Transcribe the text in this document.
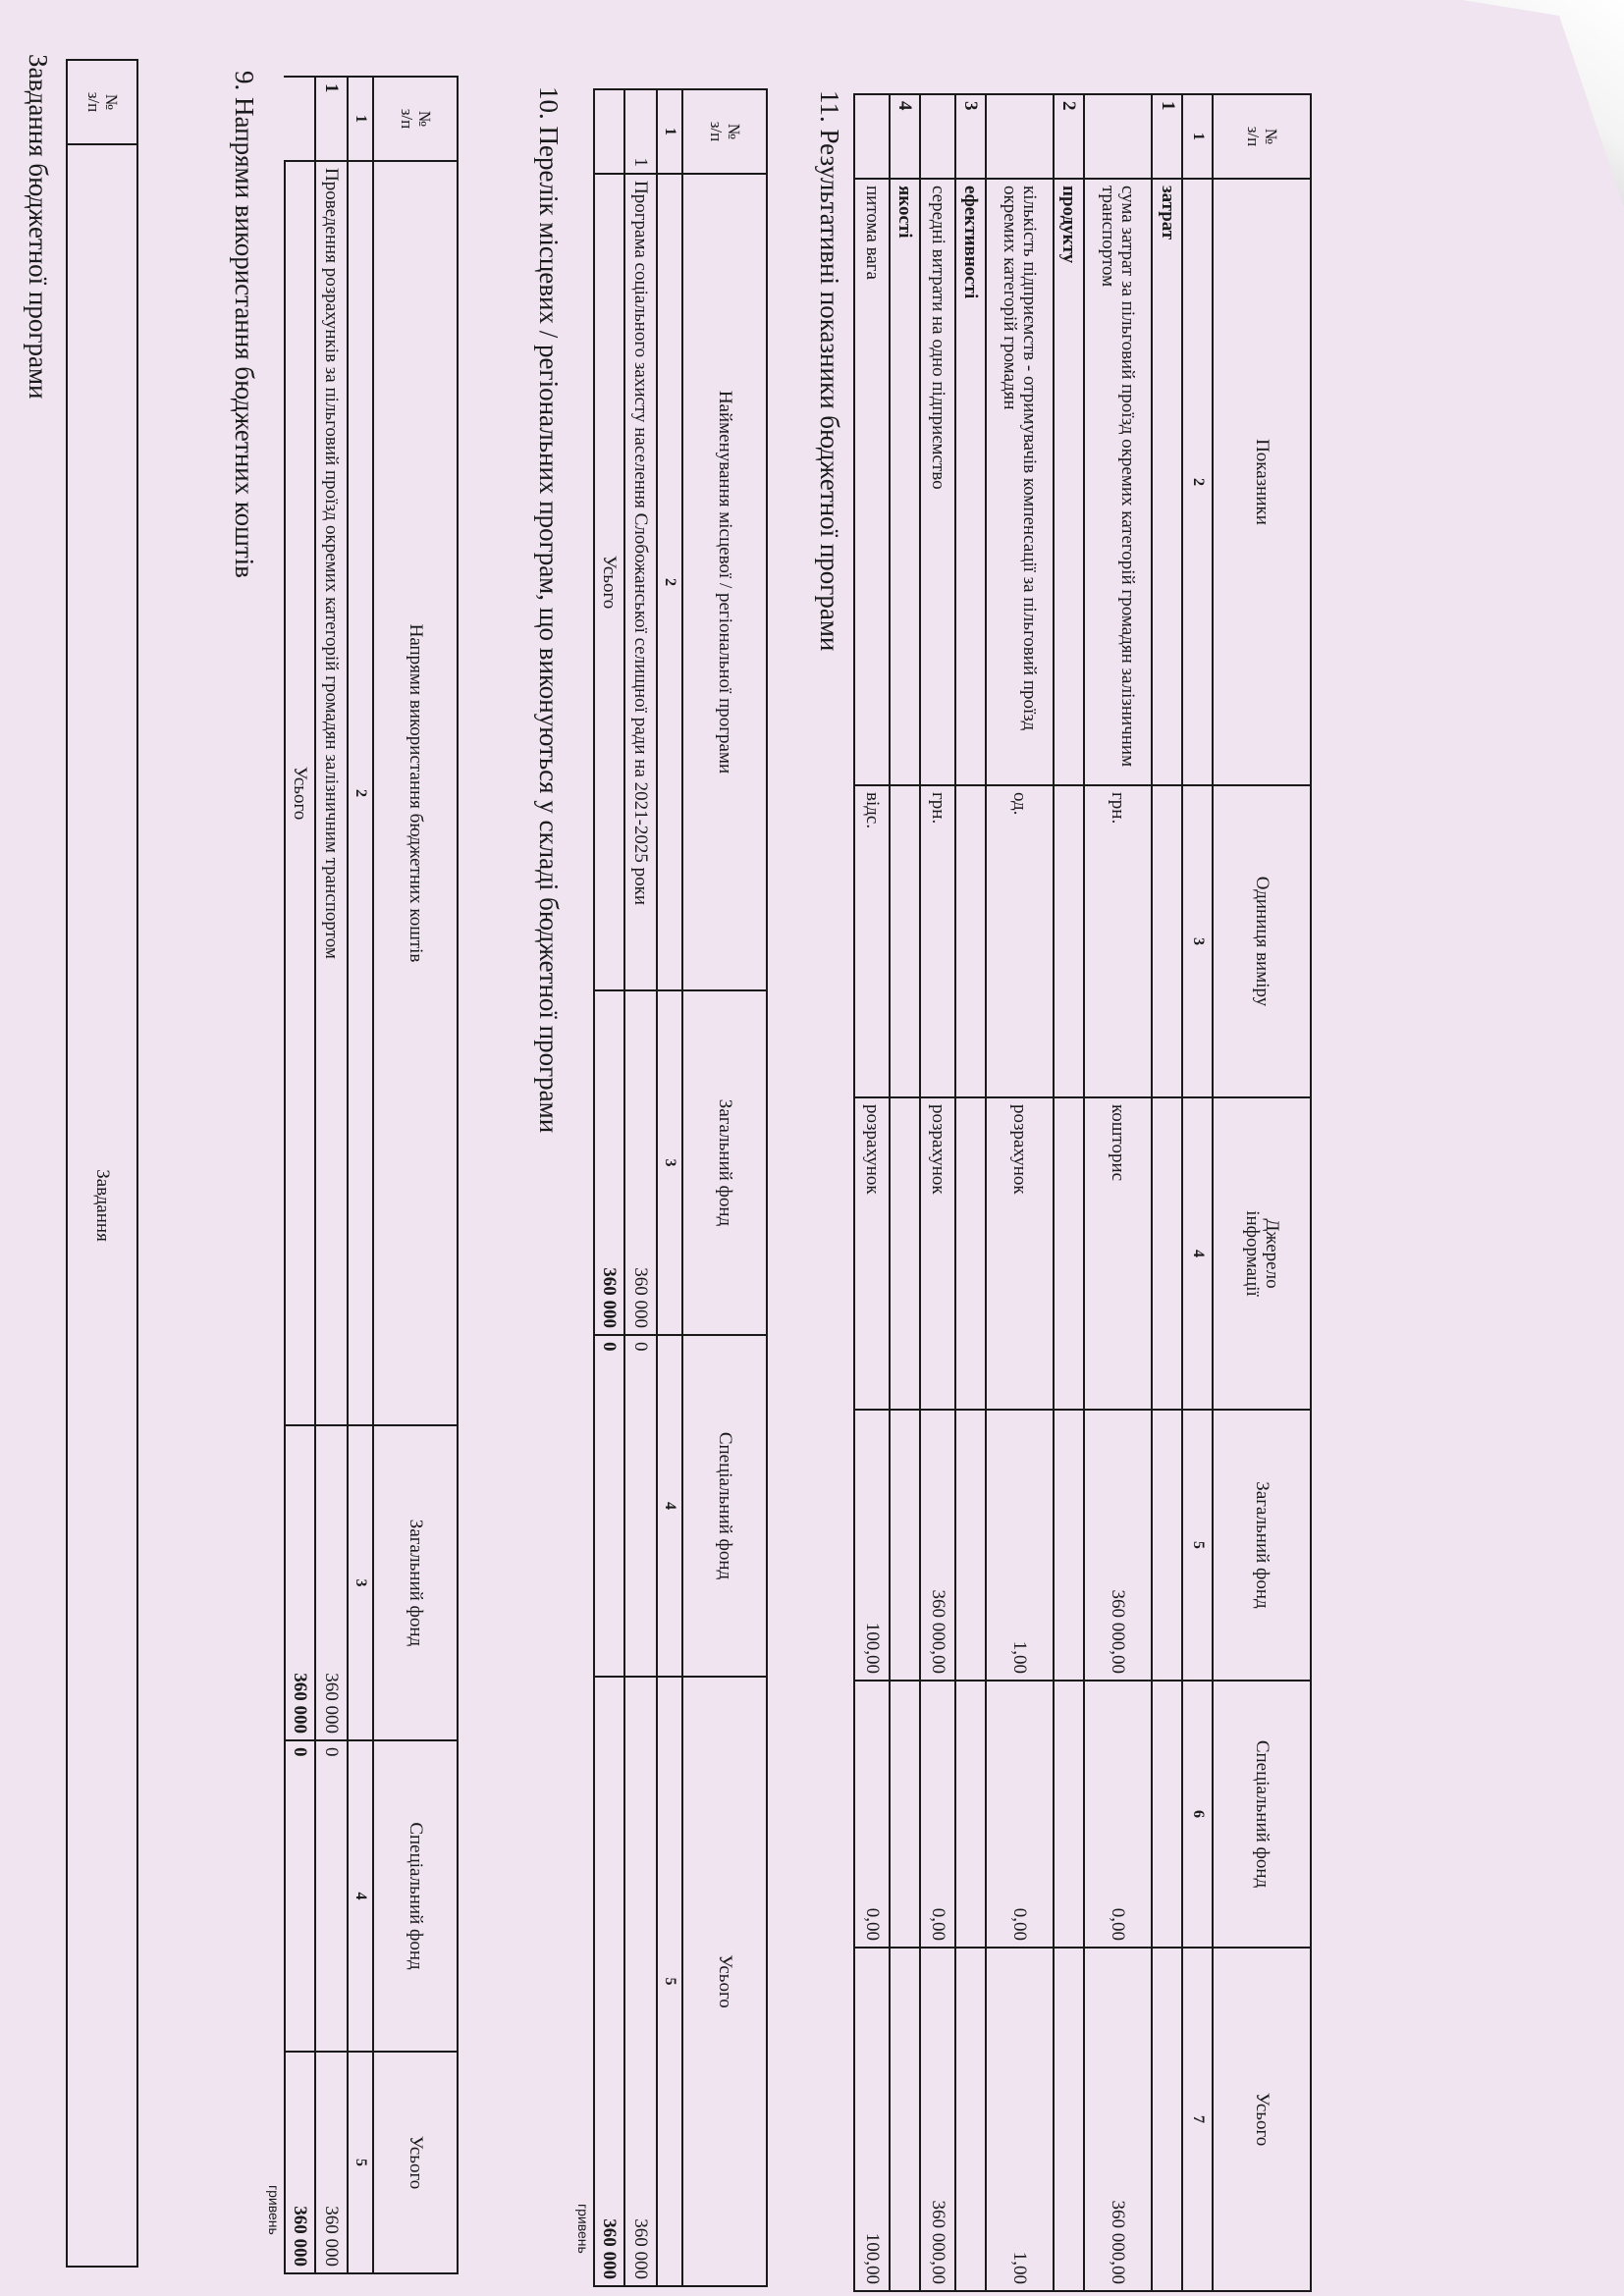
Завдання бюджетної програми	№
з/п	Завдання
9. Напрями використання бюджетних коштів
гривень
№
з/п	Напрями використання бюджетних коштів	Загальний фонд	Спеціальний фонд	Усього
1	2	3	4	5
1	Проведення розрахунків за пільговий проїзд окремих категорій громадян залізничним транспортом	360 000	0	360 000
	Усього	360 000	0	360 000
10. Перелік місцевих / регіональних програм, що виконуються у складі бюджетної програми
гривень
№
з/п	Найменування місцевої / регіональної програми	Загальний фонд	Спеціальний фонд	Усього
1	2	3	4	5
1	Програма соціального захисту населення Слобожанської селищної ради на 2021-2025 роки	360 000	0	360 000
	Усього	360 000	0	360 000
11. Результативні показники бюджетної програми	№
з/п	Показники	Одиниця виміру	Джерело
інформації	Загальний фонд	Спеціальний фонд	Усього
1	2	3	4	5	6	7
1	затрат					
	сума затрат за пільговий проїзд окремих категорій громадян залізничним транспортом	грн.	кошторис	360 000,00	0,00	360 000,00
2	продукту					
	кількість підприємств - отримувачів компенсації за пільговий проїзд окремих категорій громадян	од.	розрахунок	1,00	0,00	1,00
3	ефективності					
	середні витрати на одно підприємство	грн.	розрахунок	360 000,00	0,00	360 000,00
4	якості					
	питома вага	відс.	розрахунок	100,00	0,00	100,00
